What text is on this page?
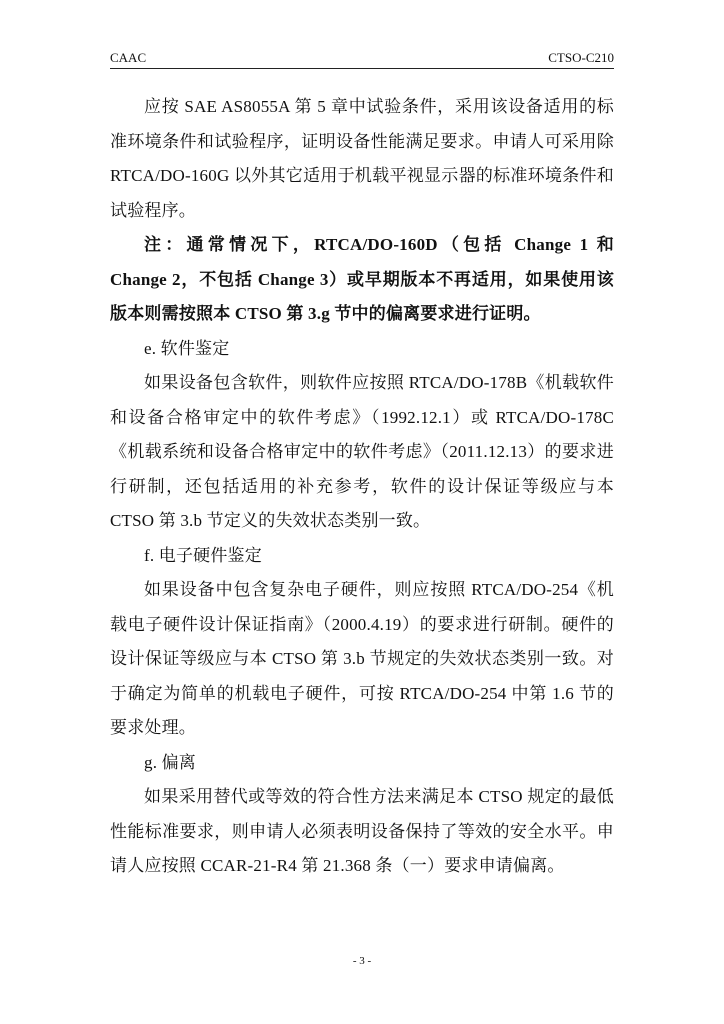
CAAC	CTSO-C210

应按 SAE AS8055A 第 5 章中试验条件，采用该设备适用的标准环境条件和试验程序，证明设备性能满足要求。申请人可采用除RTCA/DO-160G 以外其它适用于机载平视显示器的标准环境条件和试验程序。

注：通常情况下，RTCA/DO-160D（包括 Change 1 和 Change 2，不包括 Change 3）或早期版本不再适用，如果使用该版本则需按照本 CTSO 第 3.g 节中的偏离要求进行证明。

e. 软件鉴定

如果设备包含软件，则软件应按照 RTCA/DO-178B《机载软件和设备合格审定中的软件考虑》（1992.12.1）或 RTCA/DO-178C《机载系统和设备合格审定中的软件考虑》（2011.12.13）的要求进行研制，还包括适用的补充参考，软件的设计保证等级应与本 CTSO 第 3.b 节定义的失效状态类别一致。

f. 电子硬件鉴定

如果设备中包含复杂电子硬件，则应按照 RTCA/DO-254《机载电子硬件设计保证指南》（2000.4.19）的要求进行研制。硬件的设计保证等级应与本 CTSO 第 3.b 节规定的失效状态类别一致。对于确定为简单的机载电子硬件，可按 RTCA/DO-254 中第 1.6 节的要求处理。

g. 偏离

如果采用替代或等效的符合性方法来满足本 CTSO 规定的最低性能标准要求，则申请人必须表明设备保持了等效的安全水平。申请人应按照 CCAR-21-R4 第 21.368 条（一）要求申请偏离。

- 3 -
